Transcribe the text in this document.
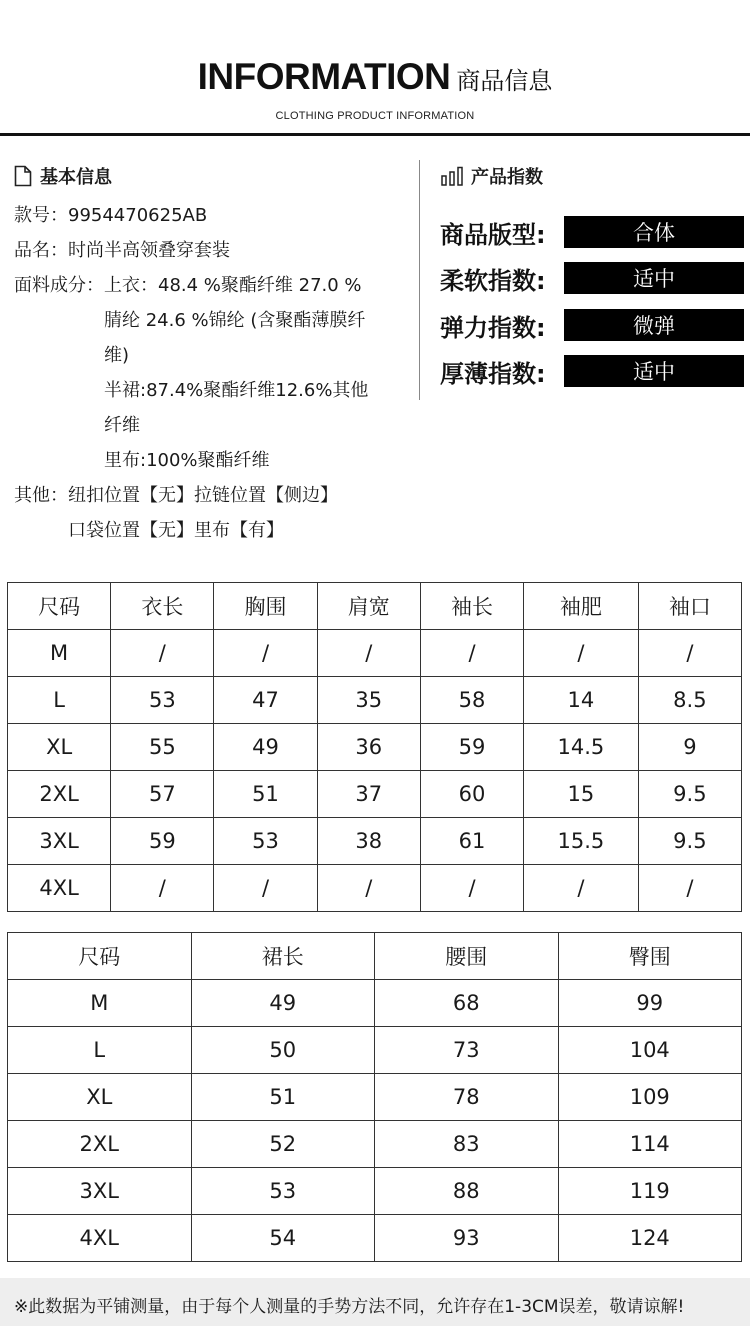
INFORMATION 商品信息
CLOTHING PRODUCT INFORMATION
基本信息
款号： 9954470625AB
品名： 时尚半高领叠穿套装
面料成分： 上衣：48.4 %聚酯纤维 27.0 %
腈纶 24.6 %锦纶 (含聚酯薄膜纤
维)
半裙:87.4%聚酯纤维12.6%其他
纤维
里布:100%聚酯纤维
其他： 纽扣位置【无】拉链位置【侧边】
口袋位置【无】里布【有】
产品指数
商品版型:	合体
柔软指数:	适中
弹力指数:	微弹
厚薄指数:	适中
尺码	衣长	胸围	肩宽	袖长	袖肥	袖口
M	/	/	/	/	/	/
L	53	47	35	58	14	8.5
XL	55	49	36	59	14.5	9
2XL	57	51	37	60	15	9.5
3XL	59	53	38	61	15.5	9.5
4XL	/	/	/	/	/	/
尺码	裙长	腰围	臀围
M	49	68	99
L	50	73	104
XL	51	78	109
2XL	52	83	114
3XL	53	88	119
4XL	54	93	124
※此数据为平铺测量，由于每个人测量的手势方法不同，允许存在1-3CM误差，敬请谅解!
